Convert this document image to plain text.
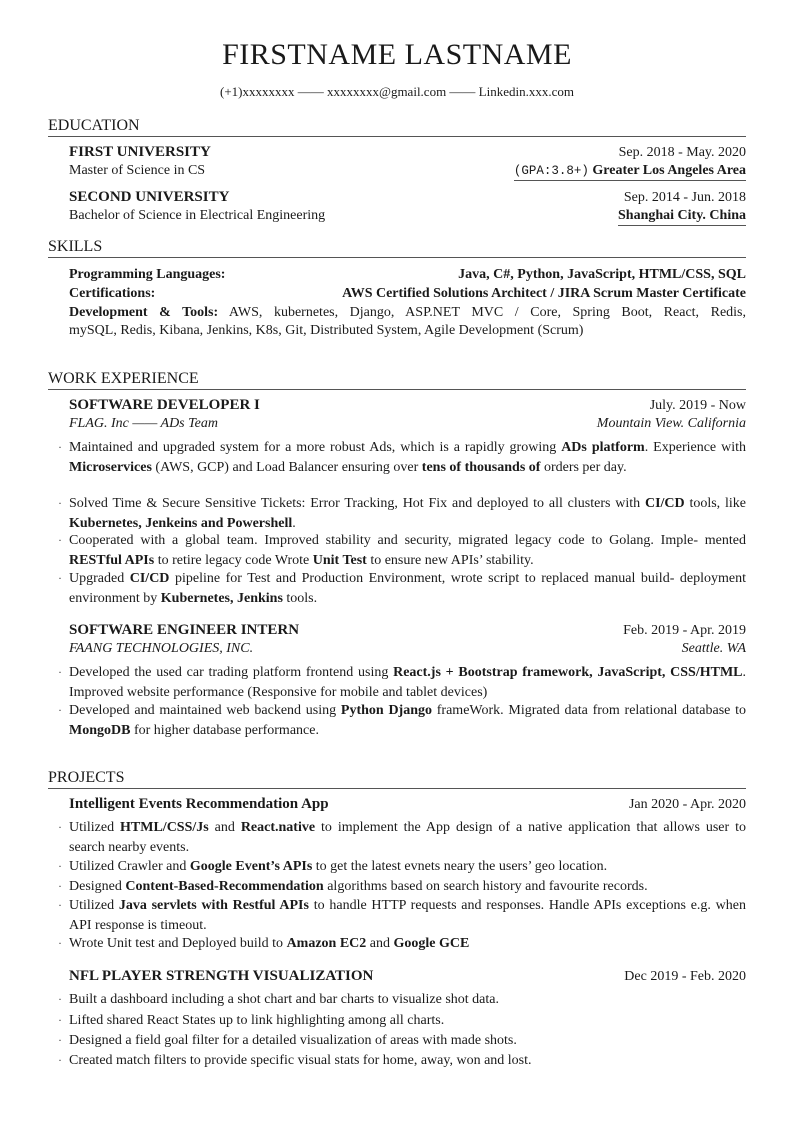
FIRSTNAME LASTNAME
(+1)xxxxxxxx —— xxxxxxxx@gmail.com —— Linkedin.xxx.com
EDUCATION
FIRST UNIVERSITY	Sep. 2018 - May. 2020
Master of Science in CS	(GPA:3.8+) Greater Los Angeles Area
SECOND UNIVERSITY	Sep. 2014 - Jun. 2018
Bachelor of Science in Electrical Engineering	Shanghai City. China
SKILLS
Programming Languages:	Java, C#, Python, JavaScript, HTML/CSS, SQL
Certifications:	AWS Certified Solutions Architect / JIRA Scrum Master Certificate
Development & Tools: AWS, kubernetes, Django, ASP.NET MVC / Core, Spring Boot, React, Redis,
mySQL, Redis, Kibana, Jenkins, K8s, Git, Distributed System, Agile Development (Scrum)
WORK EXPERIENCE
SOFTWARE DEVELOPER I	July. 2019 - Now
FLAG. Inc —— ADs Team	Mountain View. California
· Maintained and upgraded system for a more robust Ads, which is a rapidly growing ADs platform. Experience with Microservices (AWS, GCP) and Load Balancer ensuring over tens of thousands of orders per day.
· Solved Time & Secure Sensitive Tickets: Error Tracking, Hot Fix and deployed to all clusters with CI/CD tools, like Kubernetes, Jenkeins and Powershell.
· Cooperated with a global team. Improved stability and security, migrated legacy code to Golang. Imple- mented RESTful APIs to retire legacy code Wrote Unit Test to ensure new APIs’ stability.
· Upgraded CI/CD pipeline for Test and Production Environment, wrote script to replaced manual build- deployment environment by Kubernetes, Jenkins tools.
SOFTWARE ENGINEER INTERN	Feb. 2019 - Apr. 2019
FAANG TECHNOLOGIES, INC.	Seattle. WA
· Developed the used car trading platform frontend using React.js + Bootstrap framework, JavaScript, CSS/HTML. Improved website performance (Responsive for mobile and tablet devices)
· Developed and maintained web backend using Python Django frameWork. Migrated data from relational database to MongoDB for higher database performance.
PROJECTS
Intelligent Events Recommendation App	Jan 2020 - Apr. 2020
· Utilized HTML/CSS/Js and React.native to implement the App design of a native application that allows user to search nearby events.
· Utilized Crawler and Google Event’s APIs to get the latest evnets neary the users’ geo location.
· Designed Content-Based-Recommendation algorithms based on search history and favourite records.
· Utilized Java servlets with Restful APIs to handle HTTP requests and responses. Handle APIs exceptions e.g. when API response is timeout.
· Wrote Unit test and Deployed build to Amazon EC2 and Google GCE
NFL PLAYER STRENGTH VISUALIZATION	Dec 2019 - Feb. 2020
· Built a dashboard including a shot chart and bar charts to visualize shot data.
· Lifted shared React States up to link highlighting among all charts.
· Designed a field goal filter for a detailed visualization of areas with made shots.
· Created match filters to provide specific visual stats for home, away, won and lost.
